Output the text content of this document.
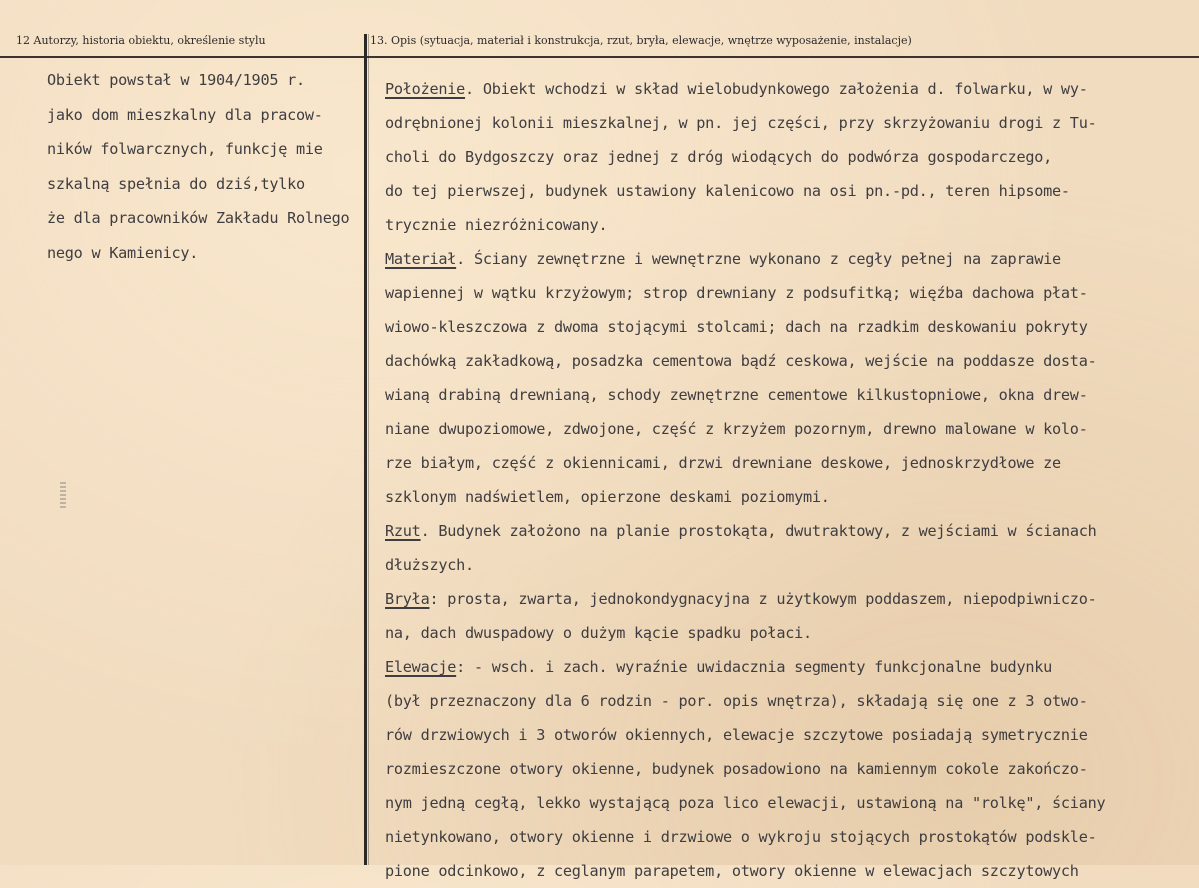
12 Autorzy, historia obiektu, określenie stylu	13. Opis (sytuacja, materiał i konstrukcja, rzut, bryła, elewacje, wnętrze wyposażenie, instalacje)
Obiekt powstał w 1904/1905 r.
jako dom mieszkalny dla pracow-
ników folwarcznych, funkcję mie
szkalną spełnia do dziś,tylko
że dla pracowników Zakładu Rolnego
nego w Kamienicy.
Położenie. Obiekt wchodzi w skład wielobudynkowego założenia d. folwarku, w wy-
odrębnionej kolonii mieszkalnej, w pn. jej części, przy skrzyżowaniu drogi z Tu-
choli do Bydgoszczy oraz jednej z dróg wiodących do podwórza gospodarczego,
do tej pierwszej, budynek ustawiony kalenicowo na osi pn.-pd., teren hipsome-
trycznie niezróżnicowany.
Materiał. Ściany zewnętrzne i wewnętrzne wykonano z cegły pełnej na zaprawie
wapiennej w wątku krzyżowym; strop drewniany z podsufitką; więźba dachowa płat-
wiowo-kleszczowa z dwoma stojącymi stolcami; dach na rzadkim deskowaniu pokryty
dachówką zakładkową, posadzka cementowa bądź ceskowa, wejście na poddasze dosta-
wianą drabiną drewnianą, schody zewnętrzne cementowe kilkustopniowe, okna drew-
niane dwupoziomowe, zdwojone, część z krzyżem pozornym, drewno malowane w kolo-
rze białym, część z okiennicami, drzwi drewniane deskowe, jednoskrzydłowe ze
szklonym nadświetlem, opierzone deskami poziomymi.
Rzut. Budynek założono na planie prostokąta, dwutraktowy, z wejściami w ścianach
dłuższych.
Bryła: prosta, zwarta, jednokondygnacyjna z użytkowym poddaszem, niepodpiwniczo-
na, dach dwuspadowy o dużym kącie spadku połaci.
Elewacje: - wsch. i zach. wyraźnie uwidacznia segmenty funkcjonalne budynku
(był przeznaczony dla 6 rodzin - por. opis wnętrza), składają się one z 3 otwo-
rów drzwiowych i 3 otworów okiennych, elewacje szczytowe posiadają symetrycznie
rozmieszczone otwory okienne, budynek posadowiono na kamiennym cokole zakończo-
nym jedną cegłą, lekko wystającą poza lico elewacji, ustawioną na "rolkę", ściany
nietynkowano, otwory okienne i drzwiowe o wykroju stojących prostokątów podskle-
pione odcinkowo, z ceglanym parapetem, otwory okienne w elewacjach szczytowych
